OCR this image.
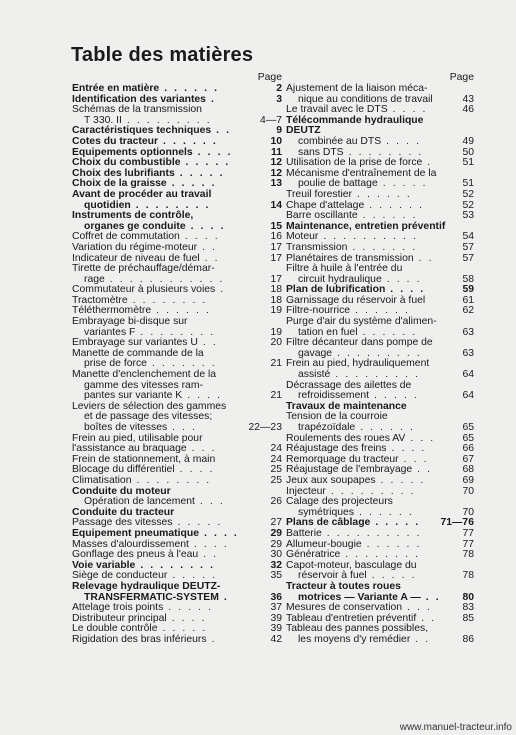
Table des matières
Page
Entrée en matière . . . . . .	2
Identification des variantes .	3
Schémas de la transmission
T 330. II . . . . . . . . .	4—7
Caractéristiques techniques . .	9
Cotes du tracteur . . . . . .	10
Equipements optionnels . . . .	11
Choix du combustible . . . . .	12
Choix des lubrifiants . . . . .	12
Choix de la graisse . . . . .	13
Avant de procéder au travail
quotidien . . . . . . . .	14
Instruments de contrôle,
organes ge conduite . . . .	15
Coffret de commutation . . . .	16
Variation du régime-moteur . .	17
Indicateur de niveau de fuel . .	17
Tirette de préchauffage/démar-
rage . . . . . . . . . . . .	17
Commutateur à plusieurs voies .	18
Tractomètre . . . . . . . .	18
Téléthermomètre . . . . . .	19
Embrayage bi-disque sur
variantes F . . . . . . . .	19
Embrayage sur variantes U . .	20
Manette de commande de la
prise de force . . . . . . .	21
Manette d'enclenchement de la
gamme des vitesses ram-
pantes sur variante K . . . .	21
Leviers de sélection des gammes
et de passage des vitesses;
boîtes de vitesses . . .	22—23
Frein au pied, utilisable pour
l'assistance au braquage . . .	24
Frein de stationnement, à main	24
Blocage du différentiel . . . .	25
Climatisation . . . . . . . .	25
Conduite du moteur
Opération de lancement . . .	26
Conduite du tracteur
Passage des vitesses . . . . .	27
Equipement pneumatique . . . .	29
Masses d'alourdissement . . . .	29
Gonflage des pneus à l'eau . .	30
Voie variable . . . . . . . .	32
Siège de conducteur . . . . .	35
Relevage hydraulique DEUTZ-
TRANSFERMATIC-SYSTEM .	36
Attelage trois points . . . . .	37
Distributeur principal . . . .	39
Le double contrôle . . . . .	39
Rigidation des bras inférieurs .	42
Page
Ajustement de la liaison méca-
nique au conditions de travail	43
Le travail avec le DTS . . . .	46
Télécommande hydraulique
DEUTZ
combinée au DTS . . . .	49
sans DTS . . . . . . . .	50
Utilisation de la prise de force .	51
Mécanisme d'entraînement de la
poulie de battage . . . . .	51
Treuil forestier . . . . . .	52
Chape d'attelage . . . . . .	52
Barre oscillante . . . . . .	53
Maintenance, entretien préventif
Moteur . . . . . . . . . .	54
Transmission . . . . . . .	57
Planétaires de transmission . .	57
Filtre à huile à l'entrée du
circuit hydraulique . . . .	58
Plan de lubrification . . . .	59
Garnissage du réservoir à fuel	61
Filtre-nourrice . . . . . .	62
Purge d'air du système d'alimen-
tation en fuel . . . . . .	63
Filtre décanteur dans pompe de
gavage . . . . . . . . .	63
Frein au pied, hydrauliquement
assisté . . . . . . . . .	64
Décrassage des ailettes de
refroidissement . . . . .	64
Travaux de maintenance
Tension de la courroie
trapézoïdale . . . . . .	65
Roulements des roues AV . . .	65
Réajustage des freins . . . .	66
Remorquage du tracteur . . .	67
Réajustage de l'embrayage . .	68
Jeux aux soupapes . . . . .	69
Injecteur . . . . . . . . .	70
Calage des projecteurs
symétriques . . . . . .	70
Plans de câblage . . . . . 71—76
Batterie . . . . . . . . . .	77
Allumeur-bougie . . . . . .	77
Génératrice . . . . . . . .	78
Capot-moteur, basculage du
réservoir à fuel . . . . .	78
Tracteur à toutes roues
motrices — Variante A — . . 80
Mesures de conservation . . .	83
Tableau d'entretien préventif . .	85
Tableau des pannes possibles,
les moyens d'y remédier . .	86
www.manuel-tracteur.info
